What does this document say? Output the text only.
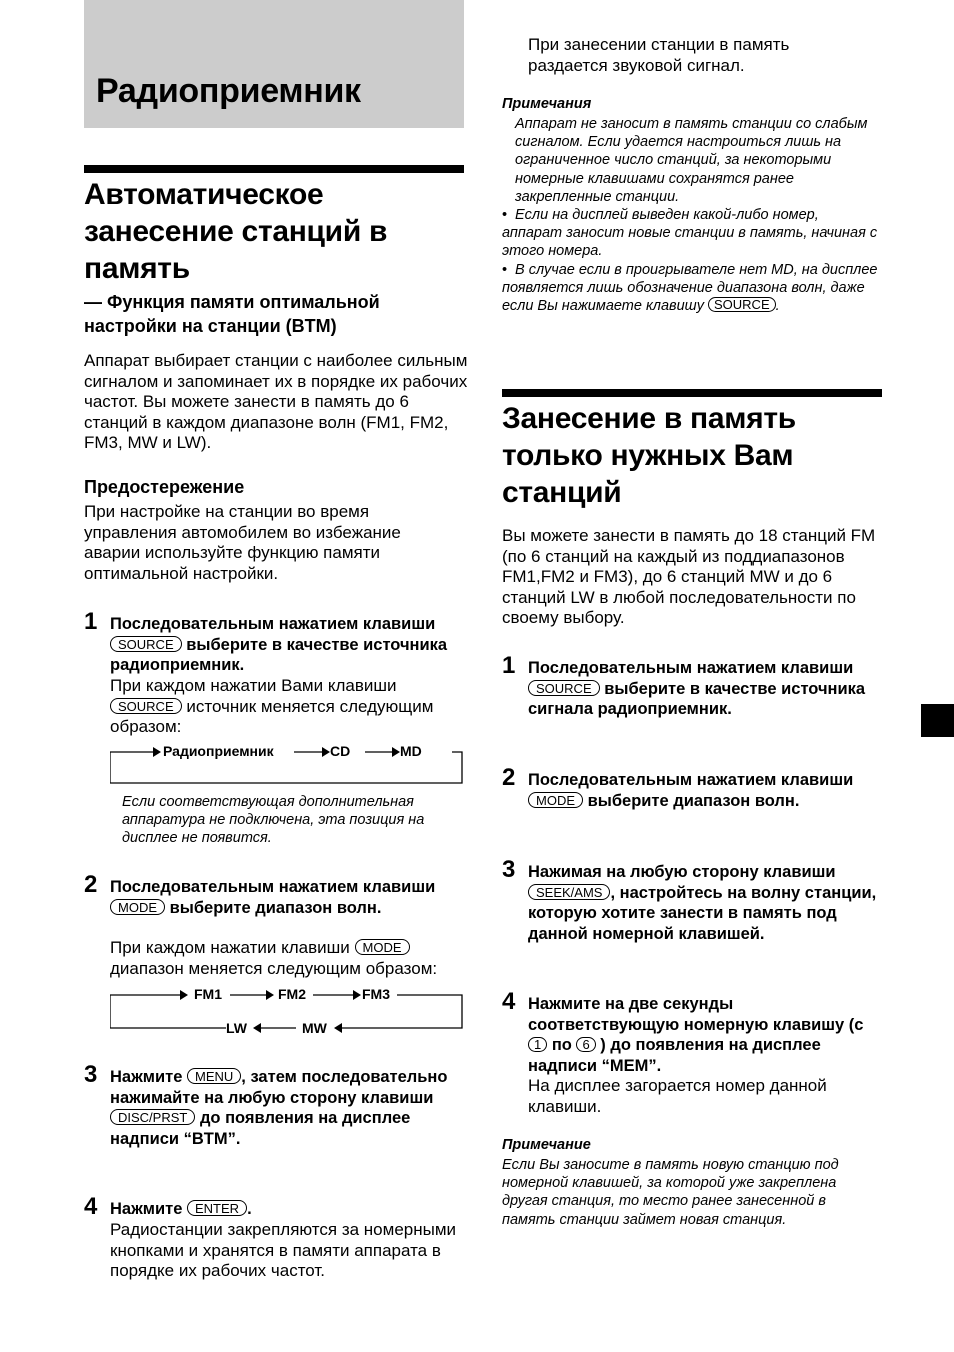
Радиоприемник
Автоматическое занесение станций в память

— Функция памяти оптимальной настройки на станции (BTM)

Аппарат выбирает станции с наиболее сильным сигналом и запоминает их в порядке их рабочих частот. Вы можете занести в память до 6 станций в каждом диапазоне волн (FM1, FM2, FM3, MW и LW).

Предостережение

При настройке на станции во время управления автомобилем во избежание аварии используйте функцию памяти оптимальной настройки.

1 Последовательным нажатием клавиши SOURCE выберите в качестве источника радиоприемник.

При каждом нажатии Вами клавиши SOURCE источник меняется следующим образом:

Радиоприемник	CD	MD

Если соответствующая дополнительная аппаратура не подключена, эта позиция на дисплее не появится.

2 Последовательным нажатием клавиши MODE выберите диапазон волн.

При каждом нажатии клавиши MODE диапазон меняется следующим образом:

FM1	FM2	FM3
LW	MW
3 Нажмите MENU , затем последовательно нажимайте на любую сторону клавиши DISC/PRST до появления на дисплее надписи “BTM”.

4 Нажмите ENTER .

Радиостанции закрепляются за номерными кнопками и хранятся в памяти аппарата в порядке их рабочих частот.

При занесении станции в память раздается звуковой сигнал.

Примечания

Аппарат не заносит в память станции со слабым сигналом. Если удается настроиться лишь на ограниченное число станций, за некоторыми номерные клавишами сохранятся ранее закрепленные станции.

• Если на дисплей выведен какой-либо номер, аппарат заносит новые станции в память, начиная с этого номера.

• В случае если в проигрывателе нет MD, на дисплее появляется лишь обозначение диапазона волн, даже если Вы нажимаете клавишу SOURCE .

Занесение в память только нужных Вам станций

Вы можете занести в память до 18 станций FM (по 6 станций на каждый из поддиапазонов FM1,FM2 и FM3), до 6 станций MW и до 6 станций LW в любой последовательности по своему выбору.

1 Последовательным нажатием клавиши SOURCE выберите в качестве источника сигнала радиоприемник.

2 Последовательным нажатием клавиши MODE выберите диапазон волн.

3 Нажимая на любую сторону клавиши SEEK/AMS , настройтесь на волну станции, которую хотите занести в память под данной номерной клавишей.

4 Нажмите на две секунды соответствующую номерную клавишу (с 1 по 6 ) до появления на дисплее надписи “MEM”.

На дисплее загорается номер данной клавиши.

Примечание

Если Вы заносите в память новую станцию под номерной клавишей, за которой уже закреплена другая станция, то место ранее занесенной в память станции займет новая станция.
